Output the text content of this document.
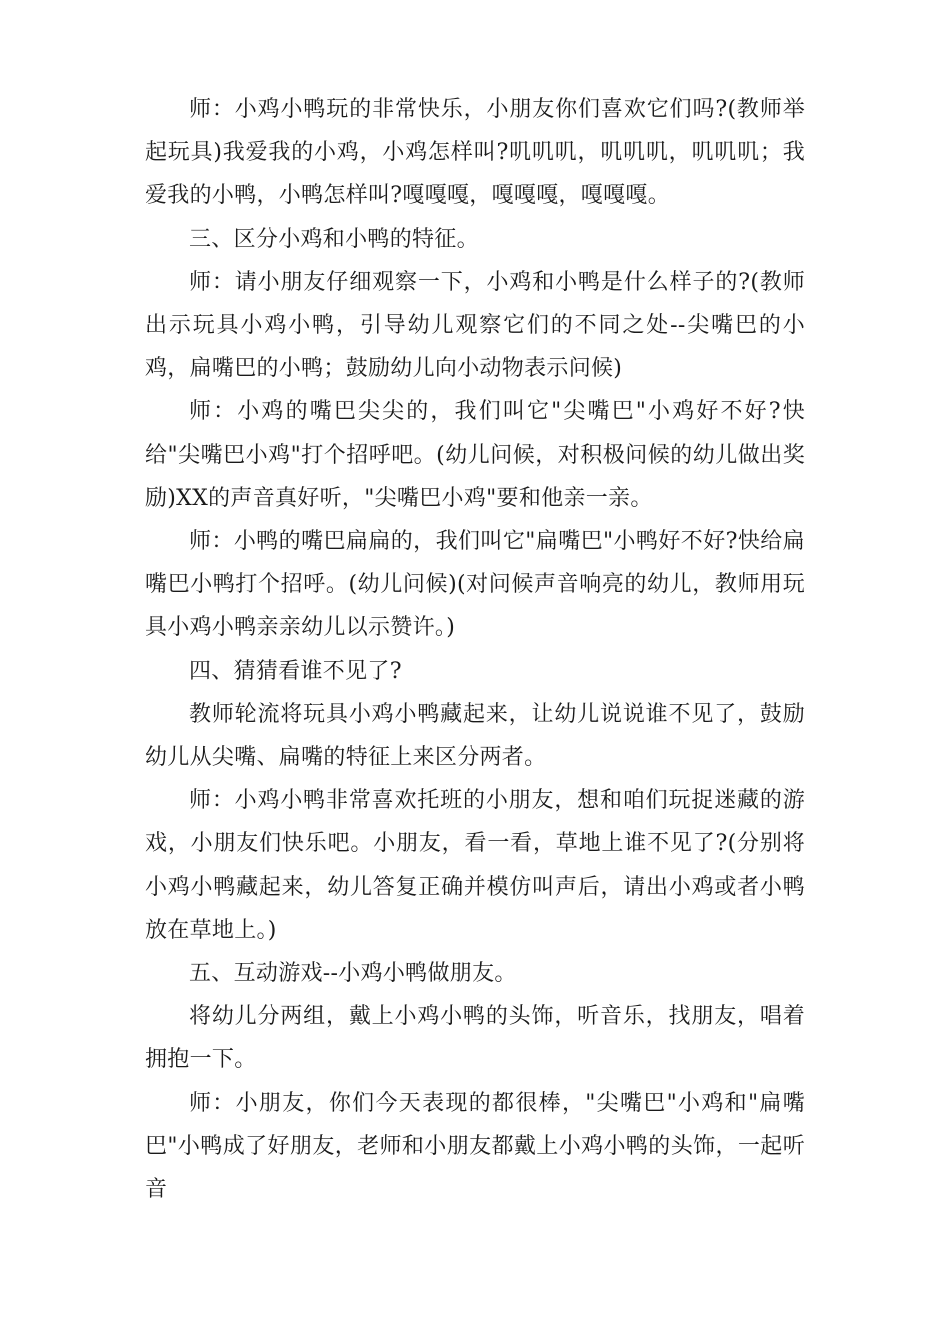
师：小鸡小鸭玩的非常快乐，小朋友你们喜欢它们吗?(教师举起玩具)我爱我的小鸡，小鸡怎样叫?叽叽叽，叽叽叽，叽叽叽；我爱我的小鸭，小鸭怎样叫?嘎嘎嘎，嘎嘎嘎，嘎嘎嘎。

三、区分小鸡和小鸭的特征。

师：请小朋友仔细观察一下，小鸡和小鸭是什么样子的?(教师出示玩具小鸡小鸭，引导幼儿观察它们的不同之处--尖嘴巴的小鸡，扁嘴巴的小鸭；鼓励幼儿向小动物表示问候)

师：小鸡的嘴巴尖尖的，我们叫它"尖嘴巴"小鸡好不好?快给"尖嘴巴小鸡"打个招呼吧。(幼儿问候，对积极问候的幼儿做出奖励)XX的声音真好听，"尖嘴巴小鸡"要和他亲一亲。

师：小鸭的嘴巴扁扁的，我们叫它"扁嘴巴"小鸭好不好?快给扁嘴巴小鸭打个招呼。(幼儿问候)(对问候声音响亮的幼儿，教师用玩具小鸡小鸭亲亲幼儿以示赞许。)

四、猜猜看谁不见了?

教师轮流将玩具小鸡小鸭藏起来，让幼儿说说谁不见了，鼓励幼儿从尖嘴、扁嘴的特征上来区分两者。

师：小鸡小鸭非常喜欢托班的小朋友，想和咱们玩捉迷藏的游戏，小朋友们快乐吧。小朋友，看一看，草地上谁不见了?(分别将小鸡小鸭藏起来，幼儿答复正确并模仿叫声后，请出小鸡或者小鸭放在草地上。)

五、互动游戏--小鸡小鸭做朋友。

将幼儿分两组，戴上小鸡小鸭的头饰，听音乐，找朋友，唱着拥抱一下。

师：小朋友，你们今天表现的都很棒，"尖嘴巴"小鸡和"扁嘴巴"小鸭成了好朋友，老师和小朋友都戴上小鸡小鸭的头饰，一起听音
